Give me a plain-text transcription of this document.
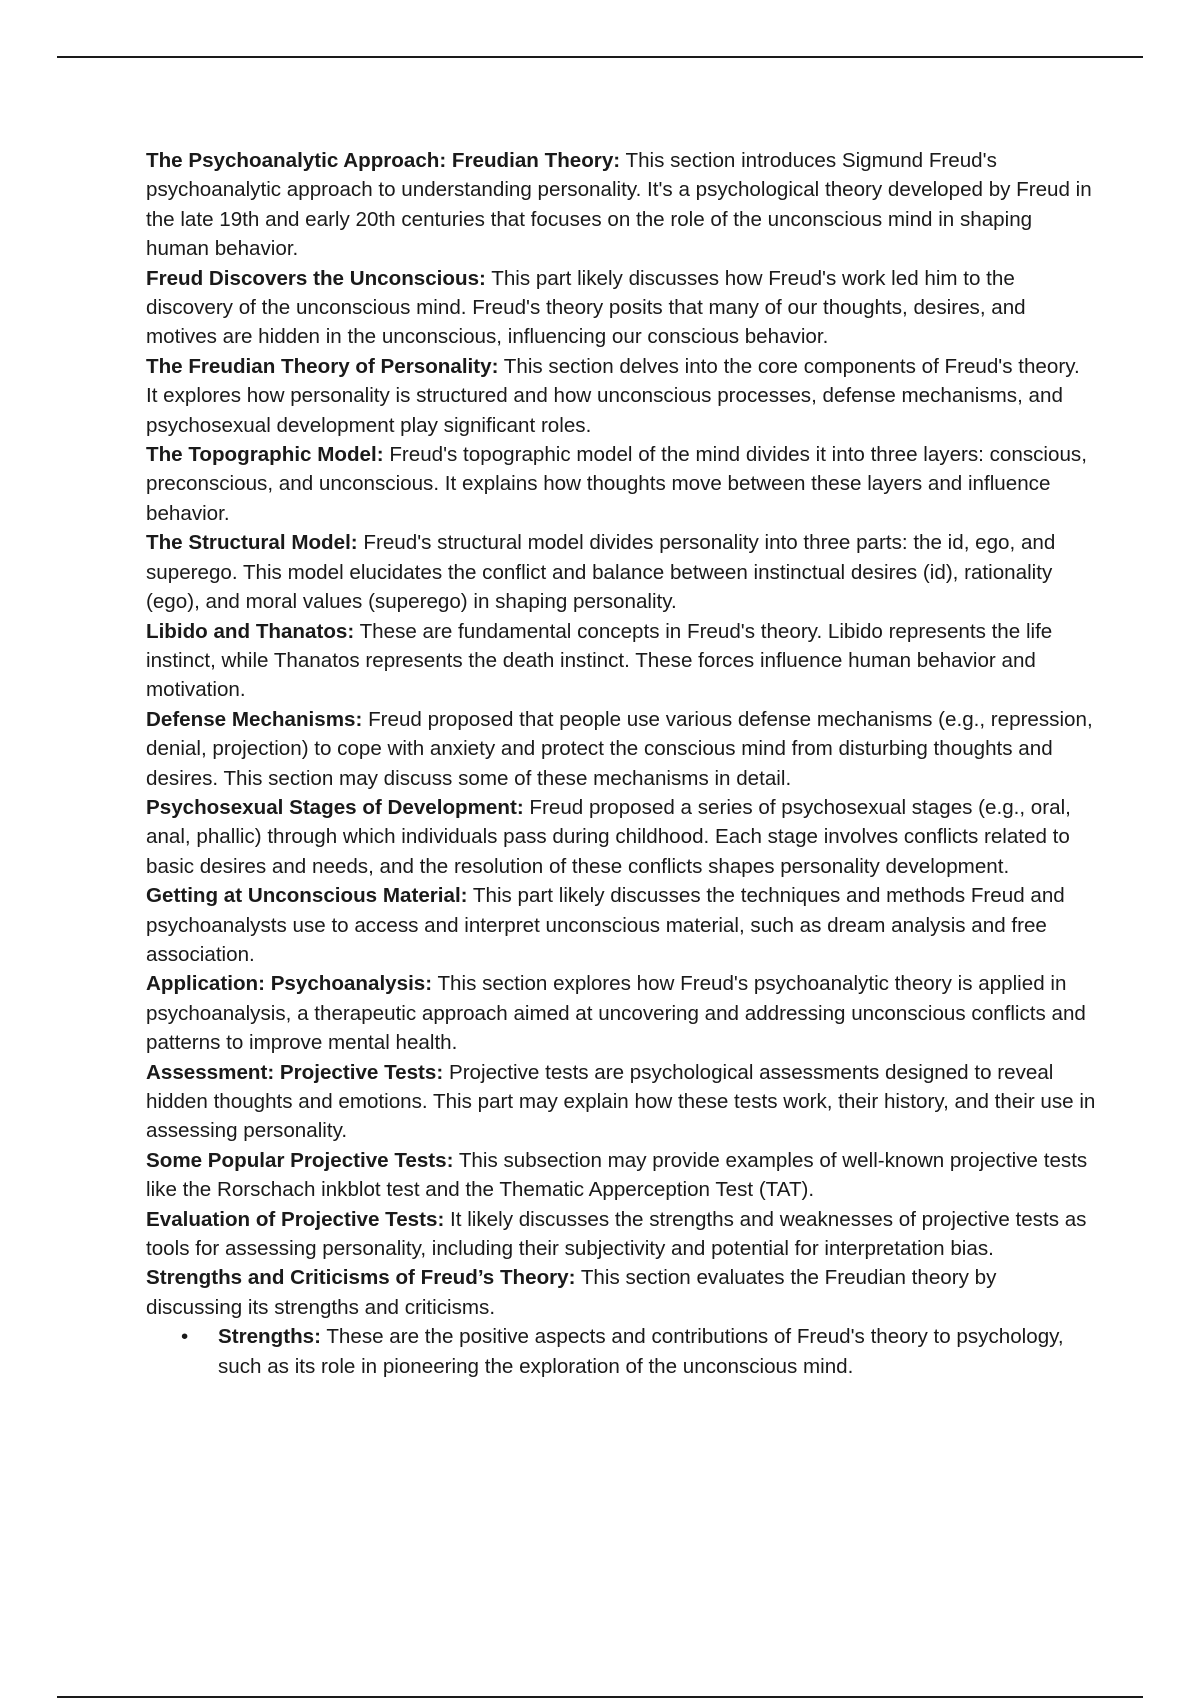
The Psychoanalytic Approach: Freudian Theory: This section introduces Sigmund Freud's psychoanalytic approach to understanding personality. It's a psychological theory developed by Freud in the late 19th and early 20th centuries that focuses on the role of the unconscious mind in shaping human behavior.

Freud Discovers the Unconscious: This part likely discusses how Freud's work led him to the discovery of the unconscious mind. Freud's theory posits that many of our thoughts, desires, and motives are hidden in the unconscious, influencing our conscious behavior.

The Freudian Theory of Personality: This section delves into the core components of Freud's theory. It explores how personality is structured and how unconscious processes, defense mechanisms, and psychosexual development play significant roles.

The Topographic Model: Freud's topographic model of the mind divides it into three layers: conscious, preconscious, and unconscious. It explains how thoughts move between these layers and influence behavior.

The Structural Model: Freud's structural model divides personality into three parts: the id, ego, and superego. This model elucidates the conflict and balance between instinctual desires (id), rationality (ego), and moral values (superego) in shaping personality.

Libido and Thanatos: These are fundamental concepts in Freud's theory. Libido represents the life instinct, while Thanatos represents the death instinct. These forces influence human behavior and motivation.

Defense Mechanisms: Freud proposed that people use various defense mechanisms (e.g., repression, denial, projection) to cope with anxiety and protect the conscious mind from disturbing thoughts and desires. This section may discuss some of these mechanisms in detail.

Psychosexual Stages of Development: Freud proposed a series of psychosexual stages (e.g., oral, anal, phallic) through which individuals pass during childhood. Each stage involves conflicts related to basic desires and needs, and the resolution of these conflicts shapes personality development.

Getting at Unconscious Material: This part likely discusses the techniques and methods Freud and psychoanalysts use to access and interpret unconscious material, such as dream analysis and free association.

Application: Psychoanalysis: This section explores how Freud's psychoanalytic theory is applied in psychoanalysis, a therapeutic approach aimed at uncovering and addressing unconscious conflicts and patterns to improve mental health.

Assessment: Projective Tests: Projective tests are psychological assessments designed to reveal hidden thoughts and emotions. This part may explain how these tests work, their history, and their use in assessing personality.

Some Popular Projective Tests: This subsection may provide examples of well-known projective tests like the Rorschach inkblot test and the Thematic Apperception Test (TAT).

Evaluation of Projective Tests: It likely discusses the strengths and weaknesses of projective tests as tools for assessing personality, including their subjectivity and potential for interpretation bias.

Strengths and Criticisms of Freud’s Theory: This section evaluates the Freudian theory by discussing its strengths and criticisms.

• Strengths: These are the positive aspects and contributions of Freud's theory to psychology, such as its role in pioneering the exploration of the unconscious mind.
